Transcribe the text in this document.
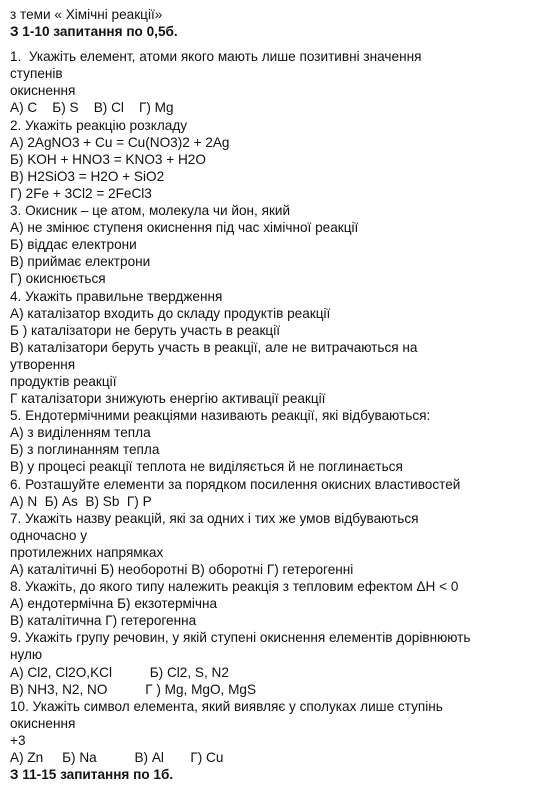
з теми « Хімічні реакції»
З 1-10 запитання по 0,5б.
1.  Укажіть елемент, атоми якого мають лише позитивні значення
ступенів
окиснення
А) С    Б) S    В) Cl    Г) Mg
2. Укажіть реакцію розкладу
А) 2AgNO3 + Cu = Cu(NO3)2 + 2Ag
Б) KOH + HNO3 = KNO3 + H2O
В) H2SiO3 = H2O + SiO2
Г) 2Fe + 3Cl2 = 2FeCl3
3. Окисник – це атом, молекула чи йон, який
А) не змінює ступеня окиснення під час хімічної реакції
Б) віддає електрони
В) приймає електрони
Г) окиснюється
4. Укажіть правильне твердження
А) каталізатор входить до складу продуктів реакції
Б ) каталізатори не беруть участь в реакції
В) каталізатори беруть участь в реакції, але не витрачаються на
утворення
продуктів реакції
Г каталізатори знижують енергію активації реакції
5. Ендотермічними реакціями називають реакції, які відбуваються:
А) з виділенням тепла
Б) з поглинанням тепла
В) у процесі реакції теплота не виділяється й не поглинається
6. Розташуйте елементи за порядком посилення окисних властивостей
А) N  Б) As  В) Sb  Г) P
7. Укажіть назву реакцій, які за одних і тих же умов відбуваються
одночасно у
протилежних напрямках
А) каталітичні Б) необоротні В) оборотні Г) гетерогенні
8. Укажіть, до якого типу належить реакція з тепловим ефектом ΔH < 0
А) ендотермічна Б) екзотермічна
В) каталітична Г) гетерогенна
9. Укажіть групу речовин, у якій ступені окиснення елементів дорівнюють
нулю
А) Cl2, Cl2O,KCl          Б) Cl2, S, N2
В) NH3, N2, NO          Г ) Mg, MgO, MgS
10. Укажіть символ елемента, який виявляє у сполуках лише ступінь
окиснення
+3
А) Zn     Б) Na          В) Al       Г) Cu
З 11-15 запитання по 1б.
